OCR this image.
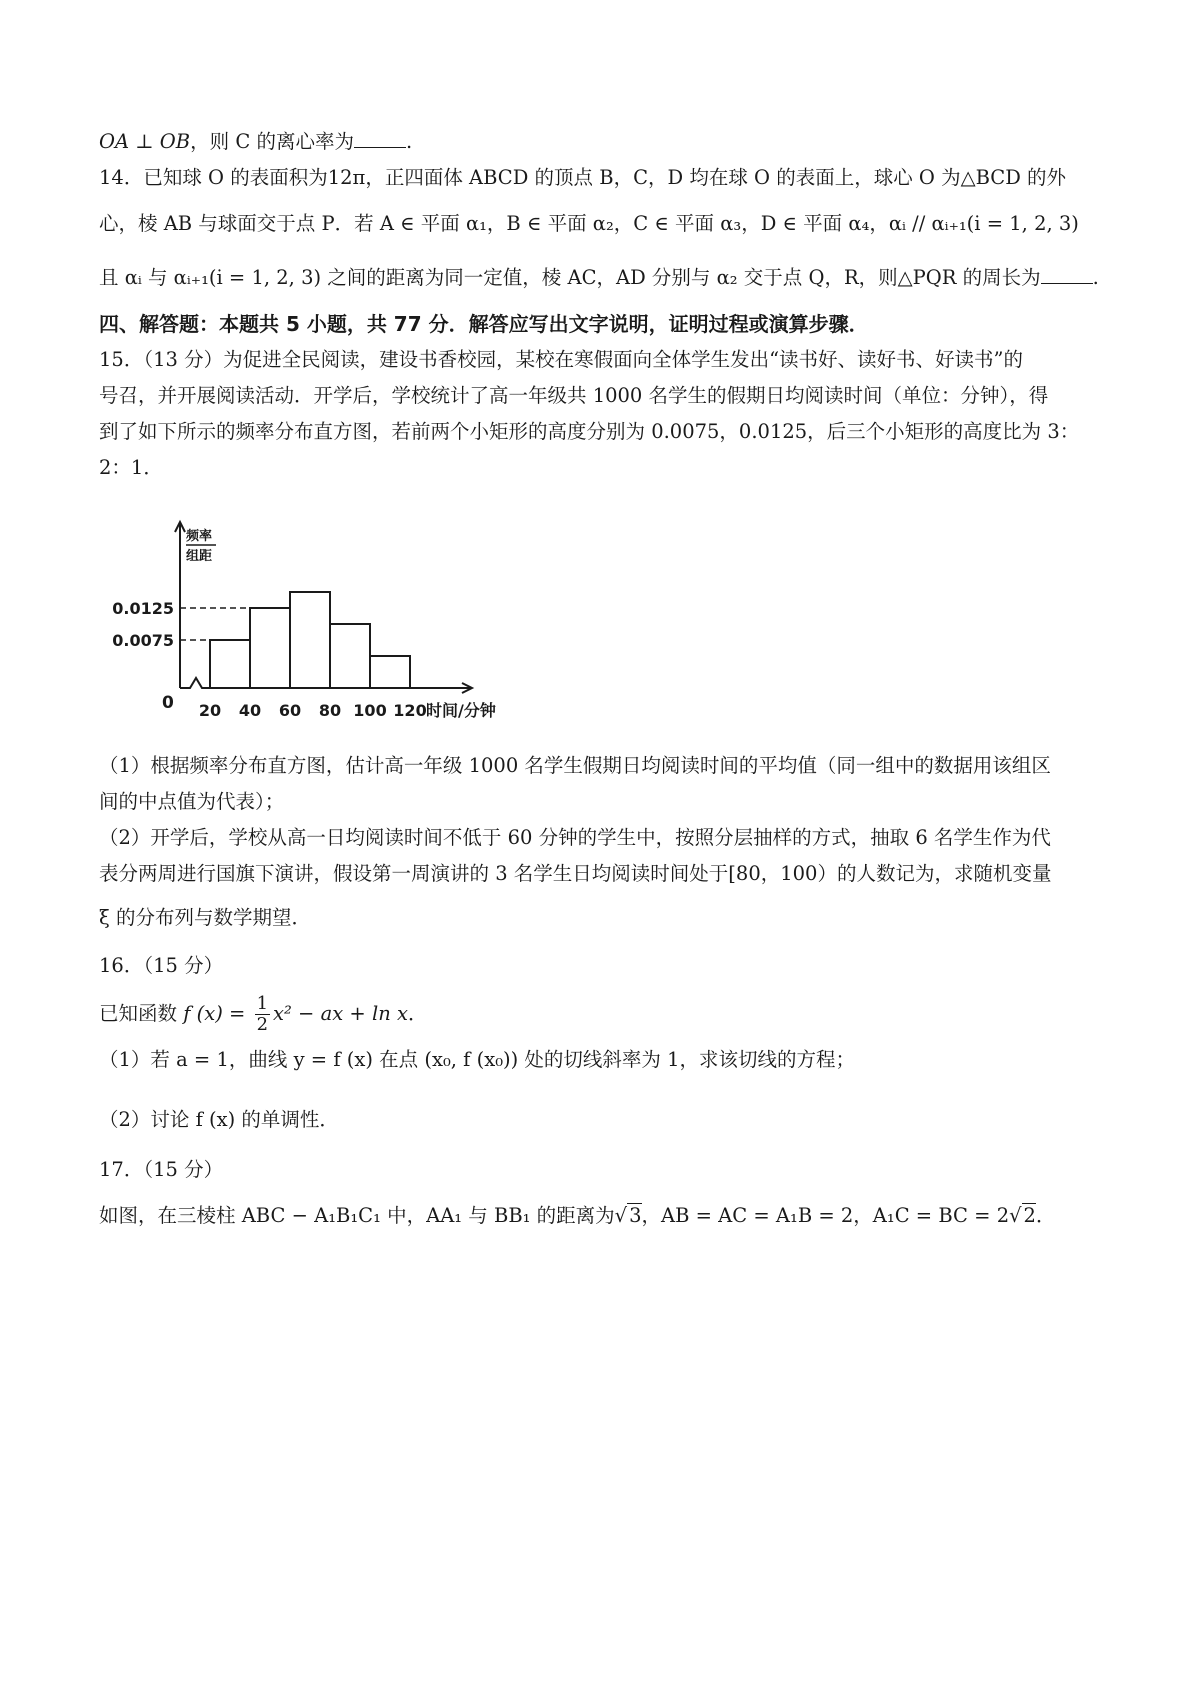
OA ⊥ OB，则 C 的离心率为	.
14．已知球 O 的表面积为12π，正四面体 ABCD 的顶点 B，C，D 均在球 O 的表面上，球心 O 为△BCD 的外
心，棱 AB 与球面交于点 P．若 A ∈ 平面 α₁，B ∈ 平面 α₂，C ∈ 平面 α₃，D ∈ 平面 α₄，αᵢ // αᵢ₊₁(i = 1, 2, 3)
且 αᵢ 与 αᵢ₊₁(i = 1, 2, 3) 之间的距离为同一定值，棱 AC，AD 分别与 α₂ 交于点 Q，R，则△PQR 的周长为	.
四、解答题：本题共 5 小题，共 77 分．解答应写出文字说明，证明过程或演算步骤．
15．（13 分）为促进全民阅读，建设书香校园，某校在寒假面向全体学生发出“读书好、读好书、好读书”的
号召，并开展阅读活动．开学后，学校统计了高一年级共 1000 名学生的假期日均阅读时间（单位：分钟），得
到了如下所示的频率分布直方图，若前两个小矩形的高度分别为 0.0075，0.0125，后三个小矩形的高度比为 3：
2：1．
频率
组距
0.0075
0.0125
0 20 40 60 80 100 120 时间/分钟
（1）根据频率分布直方图，估计高一年级 1000 名学生假期日均阅读时间的平均值（同一组中的数据用该组区
间的中点值为代表）；
（2）开学后，学校从高一日均阅读时间不低于 60 分钟的学生中，按照分层抽样的方式，抽取 6 名学生作为代
表分两周进行国旗下演讲，假设第一周演讲的 3 名学生日均阅读时间处于[80，100）的人数记为，求随机变量
ξ 的分布列与数学期望．
16．（15 分）
已知函数 f $(x) = \frac{1}{2} x^2$ − ax + ln x．
（1）若 a = 1，曲线 y = f (x) 在点 (x₀, f (x₀)) 处的切线斜率为 1，求该切线的方程；
（2）讨论 f (x) 的单调性．
17．（15 分）
如图，在三棱柱 ABC − A₁B₁C₁ 中，AA₁ 与 BB₁ 的距离为√ 3，AB = AC = A₁B = 2，A₁C = BC = 2√ 2．
